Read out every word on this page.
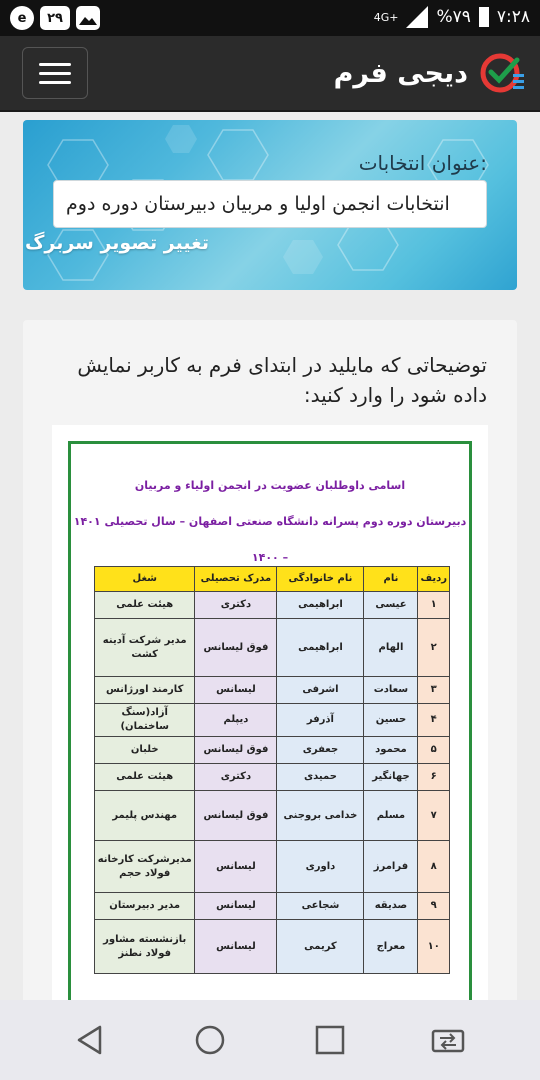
e	۲۹	4G+ %۷۹ ۷:۲۸
دیجی فرم
عنوان انتخابات:
انتخابات انجمن اولیا و مربیان دبیرستان دوره دوم
تغییر تصویر سربرگ
توضیحاتی که مایلید در ابتدای فرم به کاربر نمایش داده شود را وارد کنید:
اسامی داوطلبان عضویت در انجمن اولیاء و مربیان
دبیرستان دوره دوم پسرانه دانشگاه صنعتی اصفهان – سال تحصیلی ۱۴۰۱ – ۱۴۰۰
ردیف	نام	نام خانوادگی	مدرک تحصیلی	شغل
۱	عیسی	ابراهیمی	دکتری	هیئت علمی
۲	الهام	ابراهیمی	فوق لیسانس	مدیر شرکت آدینه کشت
۳	سعادت	اشرفی	لیسانس	کارمند اورژانس
۴	حسین	آذرفر	دیپلم	آزاد(سنگ ساختمان)
۵	محمود	جعفری	فوق لیسانس	خلبان
۶	جهانگیر	حمیدی	دکتری	هیئت علمی
۷	مسلم	خدامی بروجنی	فوق لیسانس	مهندس پلیمر
۸	فرامرز	داوری	لیسانس	مدیرشرکت کارخانه فولاد حجم
۹	صدیقه	شجاعی	لیسانس	مدیر دبیرستان
۱۰	معراج	کریمی	لیسانس	بازنشسته مشاور فولاد نطنز
